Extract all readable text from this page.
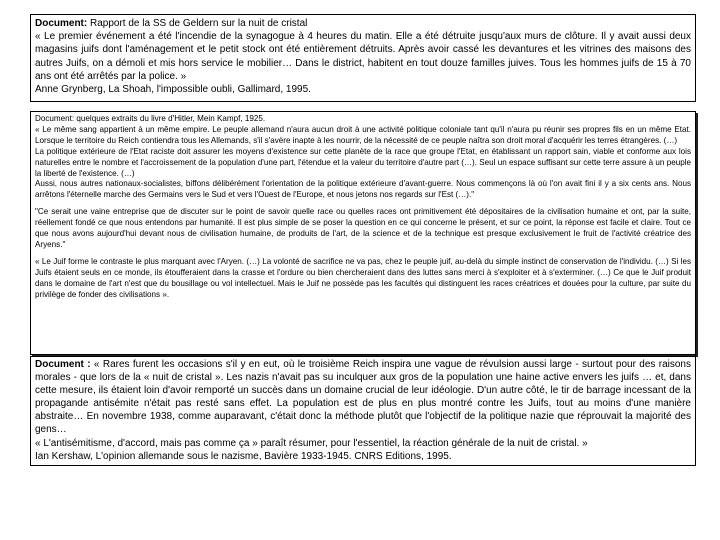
Document: Rapport de la SS de Geldern sur la nuit de cristal

« Le premier événement a été l'incendie de la synagogue à 4 heures du matin. Elle a été détruite jusqu'aux murs de clôture. Il y avait aussi deux magasins juifs dont l'aménagement et le petit stock ont été entièrement détruits. Après avoir cassé les devantures et les vitrines des maisons des autres Juifs, on a démoli et mis hors service le mobilier… Dans le district, habitent en tout douze familles juives. Tous les hommes juifs de 15 à 70 ans ont été arrêtés par la police. »

Anne Grynberg, La Shoah, l'impossible oubli, Gallimard, 1995.

Document: quelques extraits du livre d'Hitler, Mein Kampf, 1925.

« Le même sang appartient à un même empire. Le peuple allemand n'aura aucun droit à une activité politique coloniale tant qu'il n'aura pu réunir ses propres fils en un même Etat. Lorsque le territoire du Reich contiendra tous les Allemands, s'il s'avère inapte à les nourrir, de la nécessité de ce peuple naîtra son droit moral d'acquérir les terres étrangères. (…)

La politique extérieure de l'Etat raciste doit assurer les moyens d'existence sur cette planète de la race que groupe l'Etat, en établissant un rapport sain, viable et conforme aux lois naturelles entre le nombre et l'accroissement de la population d'une part, l'étendue et la valeur du territoire d'autre part (…). Seul un espace suffisant sur cette terre assure à un peuple la liberté de l'existence. (…)

Aussi, nous autres nationaux-socialistes, biffons délibérément l'orientation de la politique extérieure d'avant-guerre. Nous commençons là où l'on avait fini il y a six cents ans. Nous arrêtons l'éternelle marche des Germains vers le Sud et vers l'Ouest de l'Europe, et nous jetons nos regards sur l'Est (…)."

"Ce serait une vaine entreprise que de discuter sur le point de savoir quelle race ou quelles races ont primitivement été dépositaires de la civilisation humaine et ont, par la suite, réellement fondé ce que nous entendons par humanité. Il est plus simple de se poser la question en ce qui concerne le présent, et sur ce point, la réponse est facile et claire. Tout ce que nous avons aujourd'hui devant nous de civilisation humaine, de produits de l'art, de la science et de la technique est presque exclusivement le fruit de l'activité créatrice des Aryens."

« Le Juif forme le contraste le plus marquant avec l'Aryen. (…) La volonté de sacrifice ne va pas, chez le peuple juif, au-delà du simple instinct de conservation de l'individu. (…) Si les Juifs étaient seuls en ce monde, ils étoufferaient dans la crasse et l'ordure ou bien chercheraient dans des luttes sans merci à s'exploiter et à s'exterminer. (…) Ce que le Juif produit dans le domaine de l'art n'est que du bousillage ou vol intellectuel. Mais le Juif ne possède pas les facultés qui distinguent les races créatrices et douées pour la culture, par suite du privilège de fonder des civilisations ».

Document : « Rares furent les occasions s'il y en eut, où le troisième Reich inspira une vague de révulsion aussi large - surtout pour des raisons morales - que lors de la « nuit de cristal ». Les nazis n'avait pas su inculquer aux gros de la population une haine active envers les juifs … et, dans cette mesure, ils étaient loin d'avoir remporté un succès dans un domaine crucial de leur idéologie. D'un autre côté, le tir de barrage incessant de la propagande antisémite n'était pas resté sans effet. La population est de plus en plus montré contre les Juifs, tout au moins d'une manière abstraite… En novembre 1938, comme auparavant, c'était donc la méthode plutôt que l'objectif de la politique nazie que réprouvait la majorité des gens…

« L'antisémitisme, d'accord, mais pas comme ça » paraît résumer, pour l'essentiel, la réaction générale de la nuit de cristal. »

Ian Kershaw, L'opinion allemande sous le nazisme, Bavière 1933-1945. CNRS Editions, 1995.
